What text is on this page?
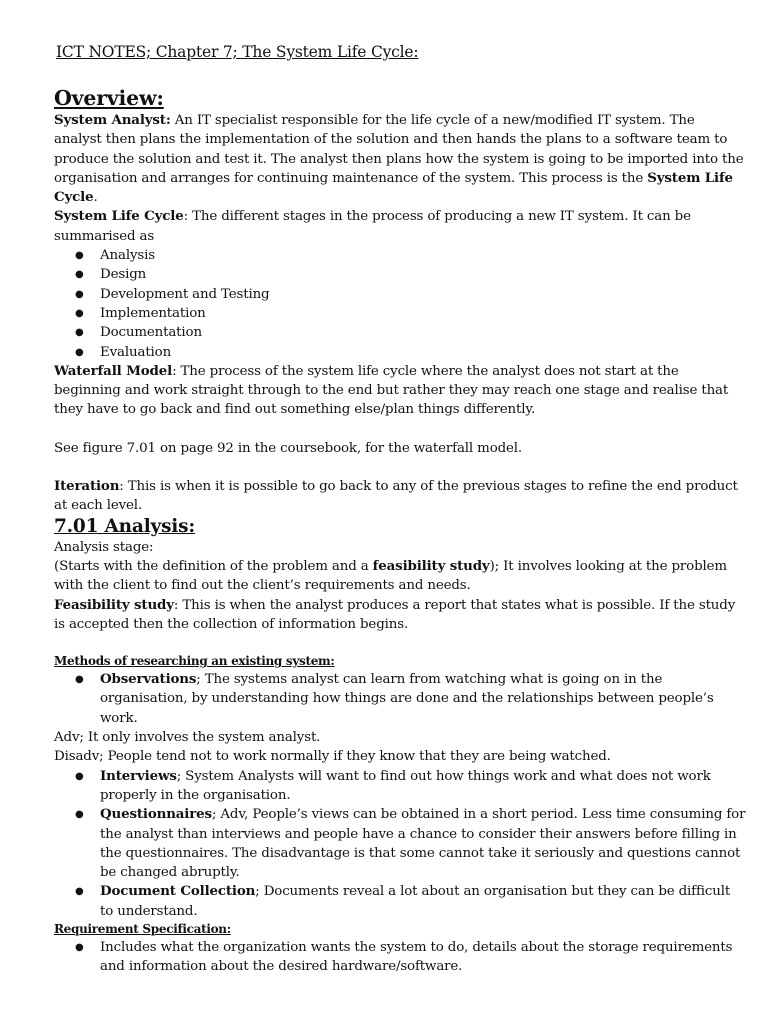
ICT NOTES; Chapter 7; The System Life Cycle:

Overview:

System Analyst: An IT specialist responsible for the life cycle of a new/modified IT system. The analyst then plans the implementation of the solution and then hands the plans to a software team to produce the solution and test it. The analyst then plans how the system is going to be imported into the organisation and arranges for continuing maintenance of the system. This process is the System Life Cycle.

System Life Cycle: The different stages in the process of producing a new IT system. It can be summarised as

● Analysis
● Design
● Development and Testing
● Implementation
● Documentation
● Evaluation

Waterfall Model: The process of the system life cycle where the analyst does not start at the beginning and work straight through to the end but rather they may reach one stage and realise that they have to go back and find out something else/plan things differently.

See figure 7.01 on page 92 in the coursebook, for the waterfall model.

Iteration: This is when it is possible to go back to any of the previous stages to refine the end product at each level.

7.01 Analysis:

Analysis stage:

(Starts with the definition of the problem and a feasibility study); It involves looking at the problem with the client to find out the client’s requirements and needs.

Feasibility study: This is when the analyst produces a report that states what is possible. If the study is accepted then the collection of information begins.

Methods of researching an existing system:

● Observations; The systems analyst can learn from watching what is going on in the organisation, by understanding how things are done and the relationships between people’s work.

Adv; It only involves the system analyst.

Disadv; People tend not to work normally if they know that they are being watched.

● Interviews; System Analysts will want to find out how things work and what does not work properly in the organisation.
● Questionnaires; Adv, People’s views can be obtained in a short period. Less time consuming for the analyst than interviews and people have a chance to consider their answers before filling in the questionnaires. The disadvantage is that some cannot take it seriously and questions cannot be changed abruptly.
● Document Collection; Documents reveal a lot about an organisation but they can be difficult to understand.

Requirement Specification:

● Includes what the organization wants the system to do, details about the storage requirements and information about the desired hardware/software.
